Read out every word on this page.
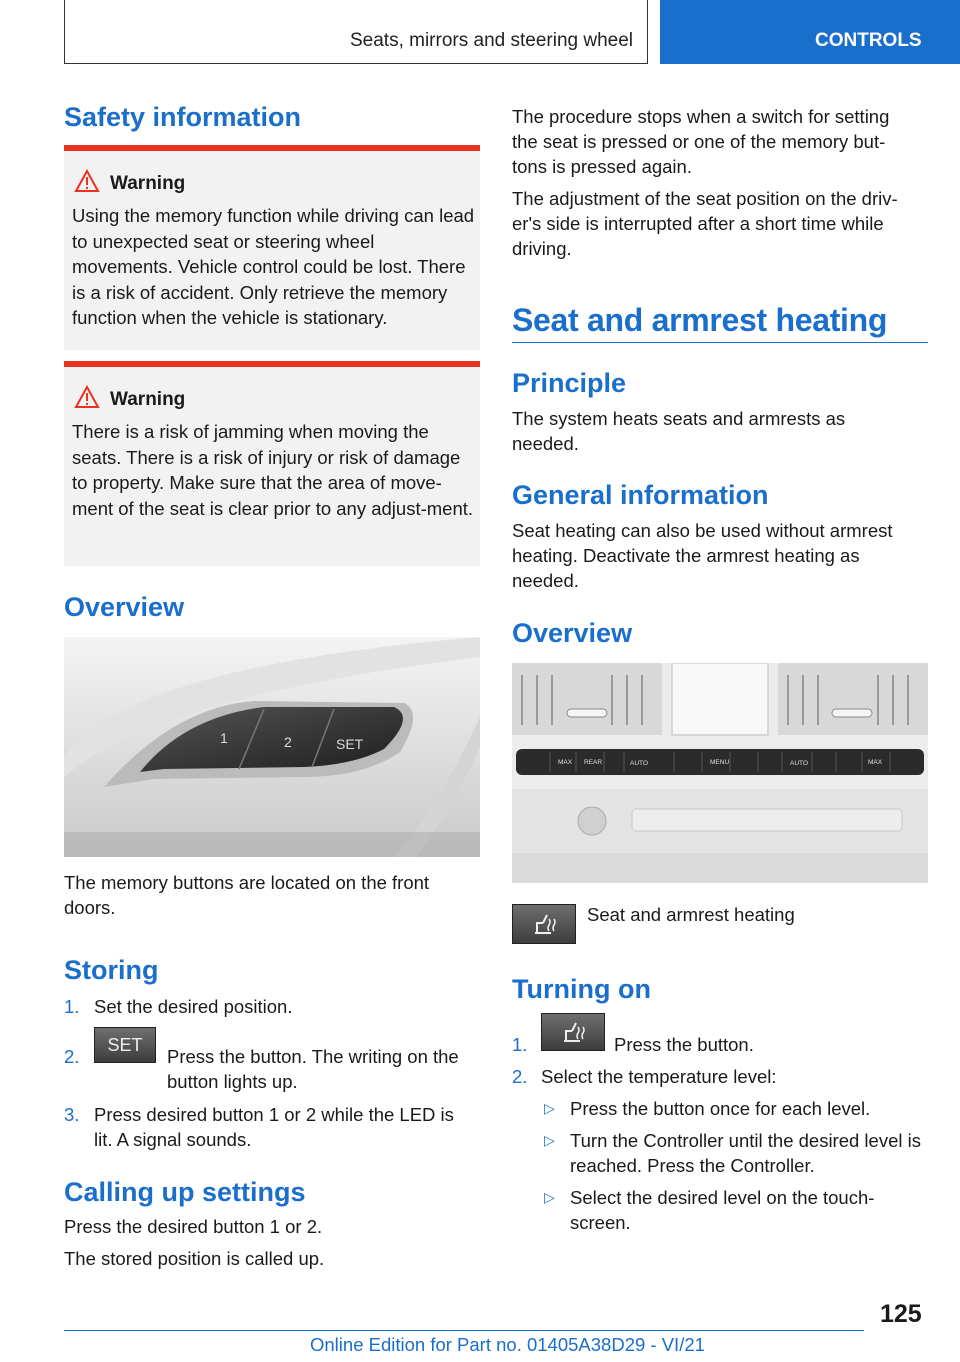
Seats, mirrors and steering wheel	CONTROLS
Safety information
Warning
Using the memory function while driving can lead to unexpected seat or steering wheel movements. Vehicle control could be lost. There is a risk of accident. Only retrieve the memory function when the vehicle is stationary.
Warning
There is a risk of jamming when moving the seats. There is a risk of injury or risk of damage to property. Make sure that the area of move‐ment of the seat is clear prior to any adjust‐ment.
Overview
1	2	SET
The memory buttons are located on the front doors.
Storing
1. Set the desired position.
2.
SET
Press the button. The writing on the button lights up.
3. Press desired button 1 or 2 while the LED is lit. A signal sounds.
Calling up settings
Press the desired button 1 or 2.
The stored position is called up.
The procedure stops when a switch for setting the seat is pressed or one of the memory but‐tons is pressed again.
The adjustment of the seat position on the driv‐er's side is interrupted after a short time while driving.
Seat and armrest heating
Principle
The system heats seats and armrests as needed.
General information
Seat heating can also be used without armrest heating. Deactivate the armrest heating as needed.
Overview
MAX REAR	AUTO	MENU	AUTO	MAX
Seat and armrest heating
Turning on
1.	Press the button.
2. Select the temperature level:
▷ Press the button once for each level.
▷ Turn the Controller until the desired level is reached. Press the Controller.
▷ Select the desired level on the touch‐screen.
125
Online Edition for Part no. 01405A38D29 - VI/21
